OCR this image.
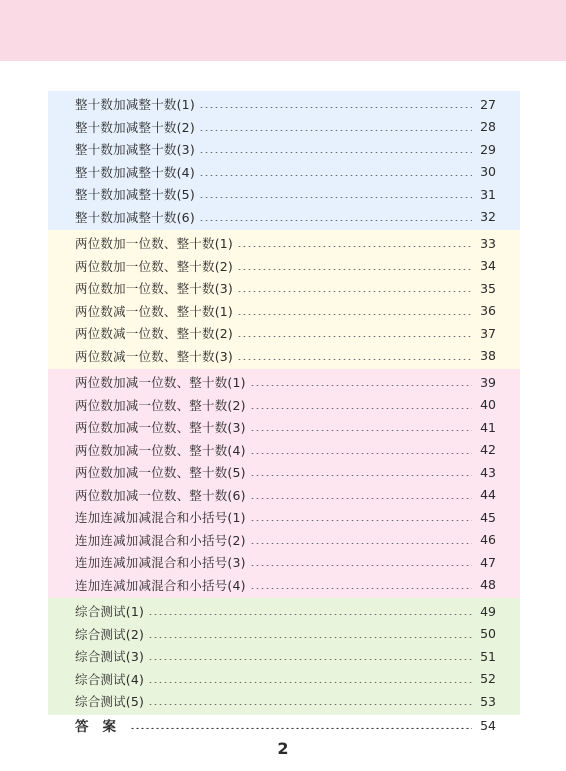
整十数加减整十数(1)	27
整十数加减整十数(2)	28
整十数加减整十数(3)	29
整十数加减整十数(4)	30
整十数加减整十数(5)	31
整十数加减整十数(6)	32
两位数加一位数、整十数(1)	33
两位数加一位数、整十数(2)	34
两位数加一位数、整十数(3)	35
两位数减一位数、整十数(1)	36
两位数减一位数、整十数(2)	37
两位数减一位数、整十数(3)	38
两位数加减一位数、整十数(1)	39
两位数加减一位数、整十数(2)	40
两位数加减一位数、整十数(3)	41
两位数加减一位数、整十数(4)	42
两位数加减一位数、整十数(5)	43
两位数加减一位数、整十数(6)	44
连加连减加减混合和小括号(1)	45
连加连减加减混合和小括号(2)	46
连加连减加减混合和小括号(3)	47
连加连减加减混合和小括号(4)	48
综合测试(1)	49
综合测试(2)	50
综合测试(3)	51
综合测试(4)	52
综合测试(5)	53
答案	54
2
